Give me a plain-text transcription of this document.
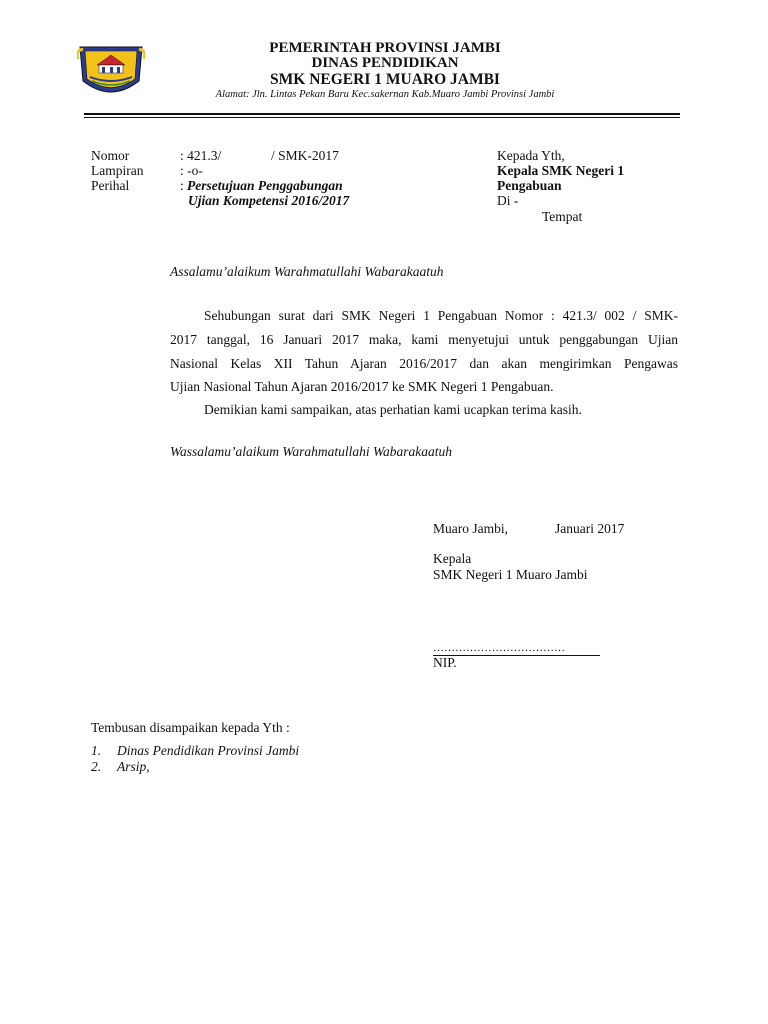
PEMERINTAH PROVINSI JAMBI
DINAS PENDIDIKAN
SMK NEGERI 1 MUARO JAMBI
Alamat: Jln. Lintas Pekan Baru Kec.sakernan Kab.Muaro Jambi Provinsi Jambi
Nomor	: 421.3/	/ SMK-2017
Lampiran	: -o-
Perihal	: Persetujuan Penggabungan
Ujian Kompetensi 2016/2017
Kepada Yth,
Kepala SMK Negeri 1
Pengabuan
Di -
Tempat
Assalamu’alaikum Warahmatullahi Wabarakaatuh
Sehubungan surat dari SMK Negeri 1 Pengabuan Nomor : 421.3/ 002 / SMK-
2017 tanggal, 16 Januari 2017 maka, kami menyetujui untuk penggabungan Ujian
Nasional Kelas XII Tahun Ajaran 2016/2017 dan akan mengirimkan Pengawas
Ujian Nasional Tahun Ajaran 2016/2017 ke SMK Negeri 1 Pengabuan.
Demikian kami sampaikan, atas perhatian kami ucapkan terima kasih.
Wassalamu’alaikum Warahmatullahi Wabarakaatuh
Muaro Jambi,	Januari 2017
Kepala
SMK Negeri 1 Muaro Jambi
………………………………
NIP.
Tembusan disampaikan kepada Yth :
1. Dinas Pendidikan Provinsi Jambi
2. Arsip,
